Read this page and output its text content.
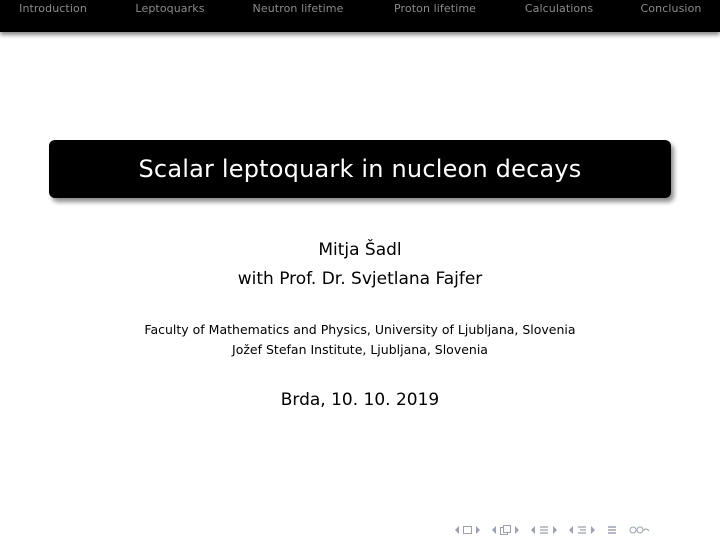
Introduction	Leptoquarks	Neutron lifetime	Proton lifetime	Calculations	Conclusion
Scalar leptoquark in nucleon decays
Mitja Šadl
with Prof. Dr. Svjetlana Fajfer
Faculty of Mathematics and Physics, University of Ljubljana, Slovenia
Jožef Stefan Institute, Ljubljana, Slovenia
Brda, 10. 10. 2019
